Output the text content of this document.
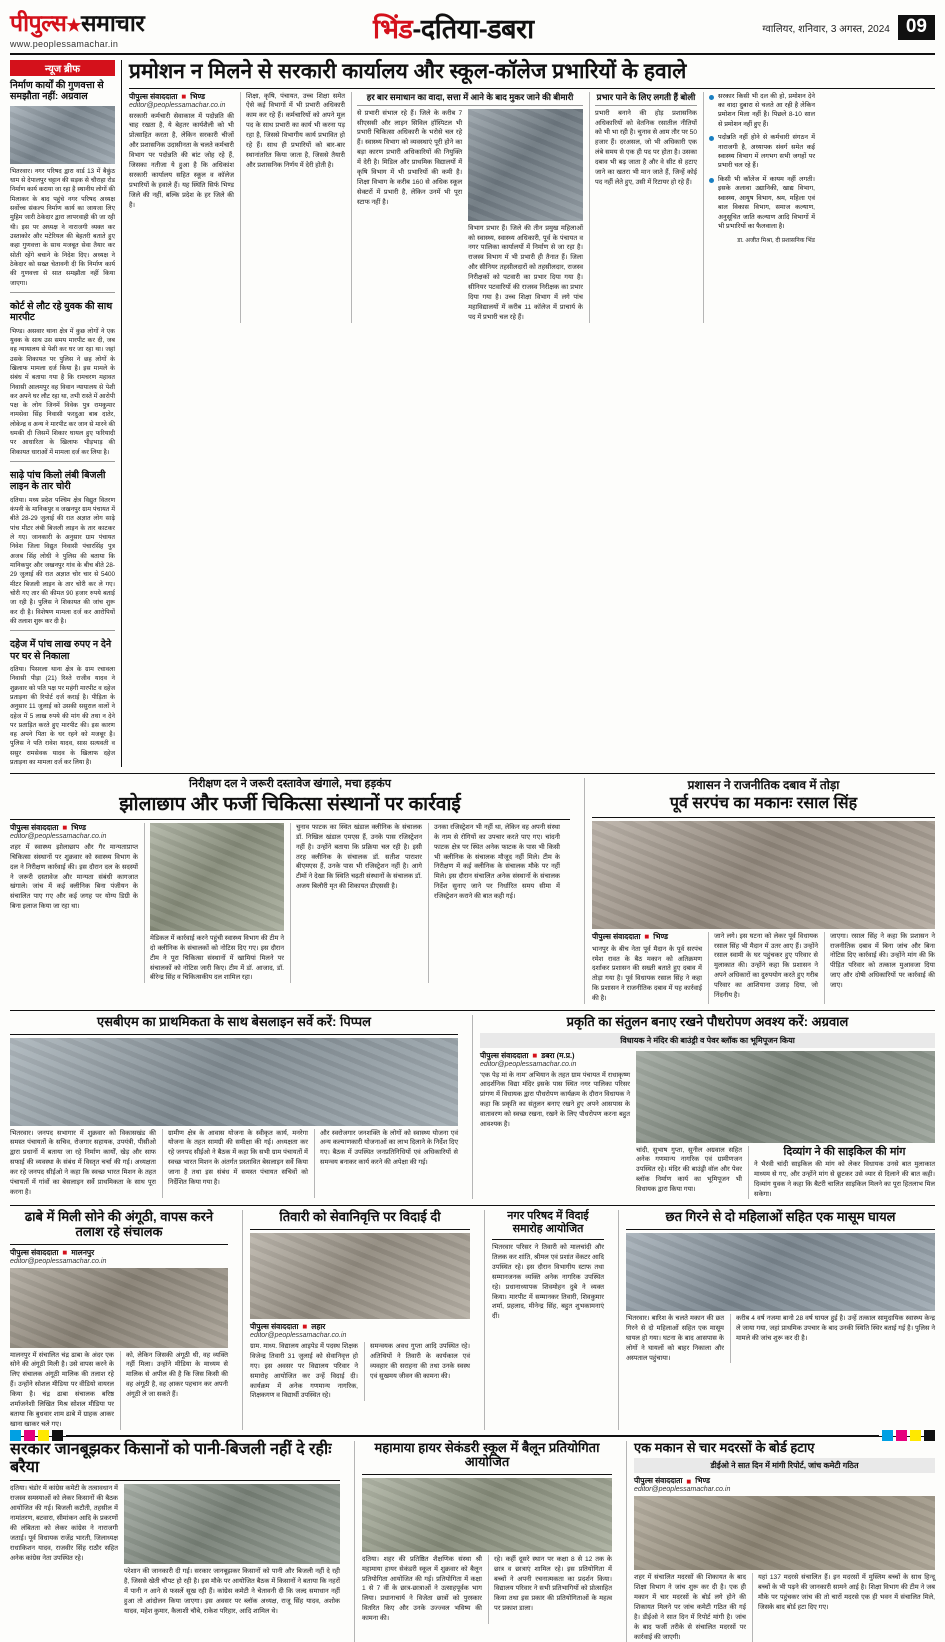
पीपुल्स★समाचार
www.peoplessamachar.in	भिंड-दतिया-डबरा	ग्वालियर, शनिवार, 3 अगस्त, 2024 09
न्यूज ब्रीफ
निर्माण कार्यों की गुणवत्ता से समझौता नहीं: अग्रवाल
भितरवार। नगर परिषद द्वारा वार्ड 13 में बैकुंठ धाम से देपालपुर चट्टान की सड़क से चौराहा रोड निर्माण कार्य कराया जा रहा है स्थानीय लोगों की मिलाकर के बाद पहुंचे नगर परिषद अध्यक्ष सर्वोच्च संकल्प निर्माण कार्य का जायजा लिए मुहिम जारी ठेकेदार द्वारा लापरवाही की जा रही थी। इस पर अध्यक्ष ने नाराजगी व्यक्त कर उस्ताकोर और मटेरियल की बेहतरी बताते हुए कहा गुणवत्ता के साथ मजबूत सेवा तैयार कर सोती रहेंगे बचाने के निदेश दिए। अध्यक्ष ने ठेकेदार को सख्त चेतावनी दी कि निर्माण कार्य की गुणवत्ता से सात समझौता नहीं किया जाएगा।
कोर्ट से लौट रहे युवक की साथ मारपीट
भिण्ड। असवार थाना क्षेत्र में कुछ लोगों ने एक युवक के साथ उस समय मारपीट कर दी, जब वह न्यायालय से पेशी कर घर जा रहा था। जहां उसके शिकायत पर पुलिस ने छह लोगों के खिलाफ मामला दर्ज किया है। इस मामले के संबंध में बताया गया है कि रामचरण महावत निवासी आलमपुर वह विवान न्यायालय से पेशी कर अपने घर लौट रहा था, तभी रास्ते में आरोपी पक्ष के लोग जिनमें विवेक पुत्र रामकुमार नामसेवा सिंह निवासी फरदुआ बाब दातेर, लोकेन्द्र व अन्य ने मारपीट कर जान से मारने की धमकी दी जिसमें शिकार घायल हुए फरियादी पर आधारिता के खिलाफ भीड़भाड़ की शिकायत धाराओं में मामला दर्ज कर लिया है।
साढ़े पांच किलो लंबी बिजली लाइन के तार चोरी
दतिया। मध्य प्रदेश पश्चिम क्षेत्र विद्युत वितरण कंपनी के मानिकपुर व जखनपुर ग्राम पंचायत में बीते 28-29 जुलाई की रात अज्ञात लोग साढ़े पांच मीटर लंबी बिजली लाइन के तार काटकर ले गए। जानकारी के अनुसार ग्राम पंचायत निवेश जिला विद्युत निवासी पंचारसिंह पुत्र अजब सिंह लोधी ने पुलिस की बताया कि मानिकपुर और जखनपुर गांव के बीच बीते 28-29 जुलाई की रात अज्ञात चोर चार से 5400 मीटर बिजली लाइन के तार चोरी कर ले गए। चोरी गए तार की कीमत 90 हजार रुपये बताई जा रही है। पुलिस ने शिकायत की जांच शुरू कर दी है। विशेषण मामला दर्ज कर आरोपियों की तलाश शुरू कर दी है।
दहेज में पांच लाख रुपए न देने पर घर से निकाला
दतिया। पिसरला थाना क्षेत्र के ग्राम रचावला निवासी पीड़ा (21) रिश्ते राजीव यादव ने शुक्रवार को पति पक्ष पर महंगी मारपीट व दहेज प्रताड़ना की रिपोर्ट दर्ज कराई है। पीड़िता के अनुसार 11 जुलाई को उसकी ससुराल वालों ने दहेज में 5 लाख रुपये की मांग की तथा न देने पर प्रताड़ित करते हुए मारपीट की। इस कारण वह अपने पिता के घर रहने को मजबूर है। पुलिस ने पति रावेश यादव, सास सत्यवती व ससुर रामसेवक यादव के खिलाफ दहेज प्रताड़ना का मामला दर्ज कर लिया है।
प्रमोशन न मिलने से सरकारी कार्यालय और स्कूल-कॉलेज प्रभारियों के हवाले
पीपुल्स संवाददाता ■ भिण्ड
editor@peoplessamachar.co.in
सरकारी कर्मचारी सेवाकाल में पदोन्नति की चाह रखता है, ये बेहतर कार्यशैली को भी प्रोत्साहित करता है, लेकिन सरकारी चीजों और प्रशासनिक उदासीनता के चलते कर्मचारी विभाग पर पदोन्नति की बांट जोह रहे हैं, जिसका नतीजा ये हुआ है कि अधिकांश सरकारी कार्यालय सहित स्कूल व कॉलेज प्रभारियों के हवाले हैं। यह स्थिति सिर्फ भिण्ड जिले की नहीं, बल्कि प्रदेश के हर जिले की है।
शिक्षा, कृषि, पंचायत, उच्च शिक्षा समेत ऐसे कई विभागों में भी प्रभारी अधिकारी काम कर रहे हैं। कर्मचारियों को अपने मूल पद के साथ प्रभारी का कार्य भी करना पड़ रहा है, जिससे विभागीय कार्य प्रभावित हो रहे हैं। साथ ही प्रभारियों को बार-बार स्थानांतरित किया जाता है, जिससे तैयारी और प्रशासनिक निर्णय में देरी होती है।
हर बार समाधान का वादा, सत्ता में आने के बाद मुकर जाने की बीमारी
से प्रभारी संभाल रहे हैं। जिले के करीब 7 सीएससी और लाइन सिविल हॉस्पिटल भी प्रभारी चिकित्सा अधिकारी के भरोसे चल रहे हैं। स्वास्थ्य विभाग को व्यवस्थाएं पूरी होने का बड़ा कारण प्रभारी अधिकारियों की नियुक्ति में देरी है। मिडिल और प्राथमिक विद्यालयों में कृषि विभाग में भी प्रभारियों की कमी है। शिक्षा विभाग के करीब 160 से अधिक स्कूल सेक्टरों में प्रभारी है, लेकिन उनमें भी पूरा स्टाफ नहीं है।
विभाग प्रभार हैं। जिले की तीन प्रमुख महिलाओं को स्वास्थ्य, स्वास्थ्य अधिकारी, पूर्व के पंचायत व नगर पालिका कार्यालयों में निर्माण से जा रहा है। राजस्व विभाग में भी प्रभारी ही तैनात हैं। जिला और सीनियर तहसीलदारों को तहसीलदार, राजस्व निरीक्षकों को पटवारी का प्रभार दिया गया है। सीनियर पटवारियों की राजस्व निरीक्षक का प्रभार दिया गया है। उच्च शिक्षा विभाग में लगे पांच महाविद्यालयों में करीब 11 कॉलेज में प्राचार्य के पद में प्रभारी चल रहे हैं।
प्रभार पाने के लिए लगती हैं बोली
प्रभारी बनाने की होड़ प्रशासनिक अधिकारियों को वेतनिक रसातील नीतियों को भी भा रही है। चुनाव से आम तौर पर 50 हजार हैं। दरअसल, जो भी अधिकारी एक लंबे समय से एक ही पद पर होता है। उसका दबाव भी बढ़ जाता है और वे सीट से हटाए जाने का खतरा भी मान जाते हैं, जिन्हें कोई पद नहीं लेते हुए, उसी में रिटायर हो रहे हैं।
सरकार किसी भी दल की हो, प्रमोशन देने का वादा दुबारा से चलते आ रही है लेकिन प्रमोशन मिला नहीं है। पिछले 8-10 साल से प्रमोशन नहीं हुए हैं।
पदोन्नति नहीं होने से कर्मचारी संगठन में नाराजगी है, अध्यापक संवर्ग समेत कई स्वास्थ्य विभाग में लगभग सभी जगहों पर प्रभारी चल रहे हैं।
किसी भी कॉलेज में कायम नहीं लगती। इसके अलावा उद्यानिकी, खाद्य विभाग, स्वास्थ्य, आयुष विभाग, श्रम, महिला एवं बाल विकास विभाग, समाज कल्याण, अनुसूचित जाति कल्याण आदि विभागों में भी प्रभारियों का फैलवाला है।
डा. अजीत मिश्रा, दी प्रशासनिक भिंड
निरीक्षण दल ने जरूरी दस्तावेज खंगाले, मचा हड़कंप
झोलाछाप और फर्जी चिकित्सा संस्थानों पर कार्रवाई
पीपुल्स संवाददाता ■ भिण्ड
editor@peoplessamachar.co.in
शहर में स्वास्थ्य झोलाछाप और गैर मान्यताप्राप्त चिकित्सा संस्थानों पर शुक्रवार को स्वास्थ्य विभाग के दल ने निरीक्षण कार्रवाई की। इस दौरान दल के सदस्यों ने जरूरी दस्तावेज और मान्यता संबंधी कागजात खंगाले। जांच में कई क्लीनिक बिना पंजीयन के संचालित पाए गए और कई जगह पर योग्य डिग्री के बिना इलाज किया जा रहा था।
मेडिकल में कार्रवाई करने पहुंची स्वास्थ्य विभाग की टीम ने दो क्लीनिक के संचालकों को नोटिस दिए गए। इस दौरान टीम ने पूरा चिकित्सा संस्थानों में खामियां मिलने पर संचालकों को नोटिस जारी किए। टीम में डॉ. आजाद, डॉ. बीरेन्द्र सिंह व चिकित्सकीय दल शामिल रहा।
चुनाव फाटक का स्थित खंडाल क्लीनिक के संचालक डॉ. निखिल खंडाल एमएस हैं, उनके पास रजिस्ट्रेशन नहीं है। उन्होंने बताया कि प्रक्रिया चल रही है। इसी तरह क्लीनिक के संचालक डॉ. सतीश पाराशर बीएमएस हैं, उनके पास भी रजिस्ट्रेशन नहीं है। आगे टीमों ने देखा कि स्थिति चढ़ती संस्थानों के संचालक डॉ. अजय बिलौरी मृत की शिकायत डीएससी है।
उनका रजिस्ट्रेशन भी नहीं था, लेकिन वह अपनी संस्था के नाम से रोगियों का उपचार करते पाए गए। चांदनी फाटक क्षेत्र पर स्थित अनेक फाटक के पास भी किसी भी क्लीनिक के संचालक मौजूद नहीं मिले। टीम के निरीक्षण में कई क्लीनिक के संचालक मौके पर नहीं मिले। इस दौरान संचालित अनेक संस्थानों के संचालक निर्देश सुनाए जाने पर निर्धारित समय सीमा में रजिस्ट्रेशन कराने की बात कही गई।
प्रशासन ने राजनीतिक दबाव में तोड़ा
पूर्व सरपंच का मकानः रसाल सिंह
पीपुल्स संवाददाता ■ भिण्ड
भानपुर के बीच नेता पूर्व मैदान के पूर्व सरपंच रमेश रावत के बैठ मकान को अतिक्रमण दर्शाकर प्रशासन की सख्ती बताते हुए दबाव में तोड़ा गया है। पूर्व विधायक रसाल सिंह ने कहा कि प्रशासन ने राजनीतिक दबाव में यह कार्रवाई की है।
जाने लगे। इस घटना को लेकर पूर्व विधायक रसाल सिंह भी मैदान में उतर आए हैं। उन्होंने रसाल स्वामी के घर पहुंचकर हुए परिवार से मुलाकात की। उन्होंने कहा कि प्रशासन ने अपने अधिकारों का दुरुपयोग करते हुए गरीब परिवार का आशियाना उजाड़ दिया, जो निंदनीय है।
जाएगा। रसाल सिंह ने कहा कि प्रशासन ने राजनीतिक दबाव में बिना जांच और बिना नोटिस दिए कार्रवाई की। उन्होंने मांग की कि पीड़ित परिवार को तत्काल मुआवजा दिया जाए और दोषी अधिकारियों पर कार्रवाई की जाए।
एसबीएम का प्राथमिकता के साथ बेसलाइन सर्वे करें: पिप्पल
भितरवार। जनपद सभागार में शुक्रवार को विकासखंड की समस्त पंचायतों के सचिव, रोजगार सहायक, उपयंत्री, पीसीओ द्वारा प्रधानों में बताया जा रहे निर्माण कार्यों, खेड़ और साफ सफाई की व्यवस्था के संबंध में विस्तृत चर्चा की गई। अध्यक्षता कर रहे जनपद सीईओ ने कहा कि स्वच्छ भारत मिशन के तहत पंचायतों में गांवों का बेसलाइन सर्वे प्राथमिकता के साथ पूरा करना है।
ग्रामीण क्षेत्र के आवास योजना के स्वीकृत कार्य, मनरेगा योजना के तहत सामग्री की समीक्षा की गई। अध्यक्षता कर रहे जनपद सीईओ ने बैठक में कहा कि सभी ग्राम पंचायतों में स्वच्छ भारत मिशन के अंतर्गत प्रस्तावित बेसलाइन सर्वे किया जाना है तथा इस संबंध में समस्त पंचायत सचिवों को निर्देशित किया गया है।
और स्वरोजगार जनशक्ति के लोगों को स्वास्थ्य योजना एवं अन्य कल्याणकारी योजनाओं का लाभ दिलाने के निर्देश दिए गए। बैठक में उपस्थित जनप्रतिनिधियों एवं अधिकारियों से समन्वय बनाकर कार्य करने की अपेक्षा की गई।
प्रकृति का संतुलन बनाए रखने पौधरोपण अवश्य करें: अग्रवाल
विधायक ने मंदिर की बाउंड्री व पेवर ब्लॉक का भूमिपूजन किया
पीपुल्स संवाददाता ■ डबरा (म.प्र.)
editor@peoplessamachar.co.in
'एक पेड़ मां के नाम' अभियान के तहत ग्राम पंचायत में राधाकृष्ण आदर्शनिक विद्या मंदिर इसके पास स्थित नगर पालिका परिसर प्रांगण में विधायक द्वारा पौधरोपण कार्यक्रम के दौरान विधायक ने कहा कि प्रकृति का संतुलन बनाए रखने हुए अपने आसपास के वातावरण को स्वच्छ रखना, रखने के लिए पौधरोपण करना बहुत आवश्यक है।
चांदी, सुभाष गुप्ता, सुनील अग्रवाल सहित अनेक गणमान्य नागरिक एवं ग्रामीणजन उपस्थित रहे। मंदिर की बाउंड्री वॉल और पेवर ब्लॉक निर्माण कार्य का भूमिपूजन भी विधायक द्वारा किया गया।
दिव्यांग ने की साइकिल की मांग
ने भैरवी चांदी साइकिल की मांग को लेकर विधायक उनसे बात मुलाकात माध्यम से गए, और उन्होंने मांग से छूटकर उसे व्यार से दिलाने की बात कही। दिव्यांग युवक ने कहा कि बैटरी चालित साइकिल मिलने का पूरा हितलाभ मिल सकेगा।
ढाबे में मिली सोने की अंगूठी, वापस करने तलाश रहे संचालक
पीपुल्स संवाददाता ■ मालनपुर
editor@peoplessamachar.co.in
मालनपुर में संचालित चंद्र ढाबा के अंदर एक सोने की अंगूठी मिली है। उसे वापस करने के लिए संचालक अंगूठी मालिक की तलाश रहे हैं। उन्होंने सोशल मीडिया पर वीडियो वायरल किया है। चंद्र ढाबा संचालक बरिष्ठ शर्माजनेशी लिखित मिश्र सोशल मीडिया पर बताया कि बुधवार शाम ढाबे में ग्राहक आकर खाना खाकर चले गए।
को, लेकिन जिसकी अंगूठी थी, वह व्यक्ति नहीं मिला। उन्होंने मीडिया के माध्यम से मालिक से अपील की है कि जिस किसी की वह अंगूठी है, वह आ़कर पहचान कर अपनी अंगूठी ले जा सकते हैं।
तिवारी को सेवानिवृत्ति पर विदाई दी
पीपुल्स संवाददाता ■ लहार
editor@peoplessamachar.co.in
ग्राम. माध्य. विद्यालय आइपेड में पदस्थ शिक्षक विजेन्द्र तिवारी 31 जुलाई को सेवानिवृत्त हो गए। इस अवसर पर विद्यालय परिवार ने समारोह आयोजित कर उन्हें विदाई दी। कार्यक्रम में अनेक गणमान्य नागरिक, शिक्षकगण व विद्यार्थी उपस्थित रहे।
समन्वयक अवध गुप्ता आदि उपस्थित रहे। अतिथियों ने तिवारी के कार्यकाल एवं व्यवहार की सराहना की तथा उनके स्वस्थ एवं सुखमय जीवन की कामना की।
नगर परिषद में विदाई समारोह आयोजित
भितरवार परिसर ने तिवारी को मालचांदी और तिलक कर शांति, श्रीमल एवं प्रशांत वेंकटर आदि उपस्थित रहे। इस दौरान विभागीय स्टाफ तथा सम्मानजनक व्यक्ति अनेक नागरिक उपस्थित रहे। प्रधानाध्यापक शिवमोहन दुबे ने व्यक्त किया। मारपीट में सम्मानकर तिवारी, शिवकुमार शर्मा, प्रहलाद, मीनेन्द्र सिंह, बहुत शुभकामनाएं दीं।
छत गिरने से दो महिलाओं सहित एक मासूम घायल
भितरवार। बारिश के चलते मकान की छत गिरने से दो महिलाओं सहित एक मासूम घायल हो गया। घटना के बाद आसपास के लोगों ने घायलों को बाहर निकाला और अस्पताल पहुंचाया।
करीब 4 वर्ष नजमा बानो 28 वर्ष घायल हुई है। उन्हें तत्काल सामुदायिक स्वास्थ्य केन्द्र ले जाया गया, जहां प्राथमिक उपचार के बाद उनकी स्थिति स्थिर बताई गई है। पुलिस ने मामले की जांच शुरू कर दी है।
सरकार जानबूझकर किसानों को पानी-बिजली नहीं दे रहीः बरैया
दतिया। चंडोर में कांग्रेस कमेटी के तत्वावधान में राजस्व समस्याओं को लेकर किसानों की बैठक आयोजित की गई। बिजली कटौती, तहसील में नामांतरण, बटवारा, सीमांकन आदि के प्रकरणों की लंबितता को लेकर कांग्रेस ने नाराजगी जताई। पूर्व विधायक राजेंद्र भारती, जिलाध्यक्ष राधाकिशन यादव, राजवीर सिंह राठौर सहित अनेक कांग्रेस नेता उपस्थित रहे।
परेशान की जानकारी दी गई। सरकार जानबूझकर किसानों को पानी और बिजली नहीं दे रही है, जिससे खेती चौपट हो रही है। इस मौके पर आयोजित बैठक में किसानों ने बताया कि नहरों में पानी न आने से फसलें सूख रही हैं। कांग्रेस कमेटी ने चेतावनी दी कि जल्द समाधान नहीं हुआ तो आंदोलन किया जाएगा। इस अवसर पर ब्लॉक अध्यक्ष, राजू सिंह यादव, अशोक यादव, महेश कुमार, कैलाशी चौबे, राकेश परिहार, आदि शामिल थे।
महामाया हायर सेकंडरी स्कूल में बैलून प्रतियोगिता आयोजित
दतिया। शहर की प्रतिष्ठित शैक्षणिक संस्था श्री महामाया हायर सेकंडरी स्कूल में शुक्रवार को बैलून प्रतियोगिता आयोजित की गई। प्रतियोगिता में कक्षा 1 से 7 वीं के छात्र-छात्राओं ने उत्साहपूर्वक भाग लिया। प्रधानाचार्य ने विजेता छात्रों को पुरस्कार वितरित किए और उनके उज्ज्वल भविष्य की कामना की।
रहे। कहीं दूसरे स्थान पर कक्षा 8 से 12 तक के छात्र व छात्राएं शामिल रहे। इस प्रतियोगिता में बच्चों ने अपनी रचनात्मकता का प्रदर्शन किया। विद्यालय परिवार ने सभी प्रतिभागियों को प्रोत्साहित किया तथा इस प्रकार की प्रतियोगिताओं के महत्व पर प्रकाश डाला।
एक मकान से चार मदरसों के बोर्ड हटाए
डीईओ ने सात दिन में मांगी रिपोर्ट, जांच कमेटी गठित
पीपुल्स संवाददाता ■ भिण्ड
editor@peoplessamachar.co.in
शहर में संचालित मदरसों की शिकायत के बाद शिक्षा विभाग ने जांच शुरू कर दी है। एक ही मकान में चार मदरसों के बोर्ड लगे होने की शिकायत मिलने पर जांच कमेटी गठित की गई है। डीईओ ने सात दिन में रिपोर्ट मांगी है। जांच के बाद फर्जी तरीके से संचालित मदरसों पर कार्रवाई की जाएगी।
यहां 137 मदरसे संचालित हैं। इन मदरसों में मुस्लिम बच्चों के साथ हिन्दू बच्चों के भी पढ़ने की जानकारी सामने आई है। शिक्षा विभाग की टीम ने जब मौके पर पहुंचकर जांच की तो चारों मदरसे एक ही भवन में संचालित मिले, जिसके बाद बोर्ड हटा दिए गए।
